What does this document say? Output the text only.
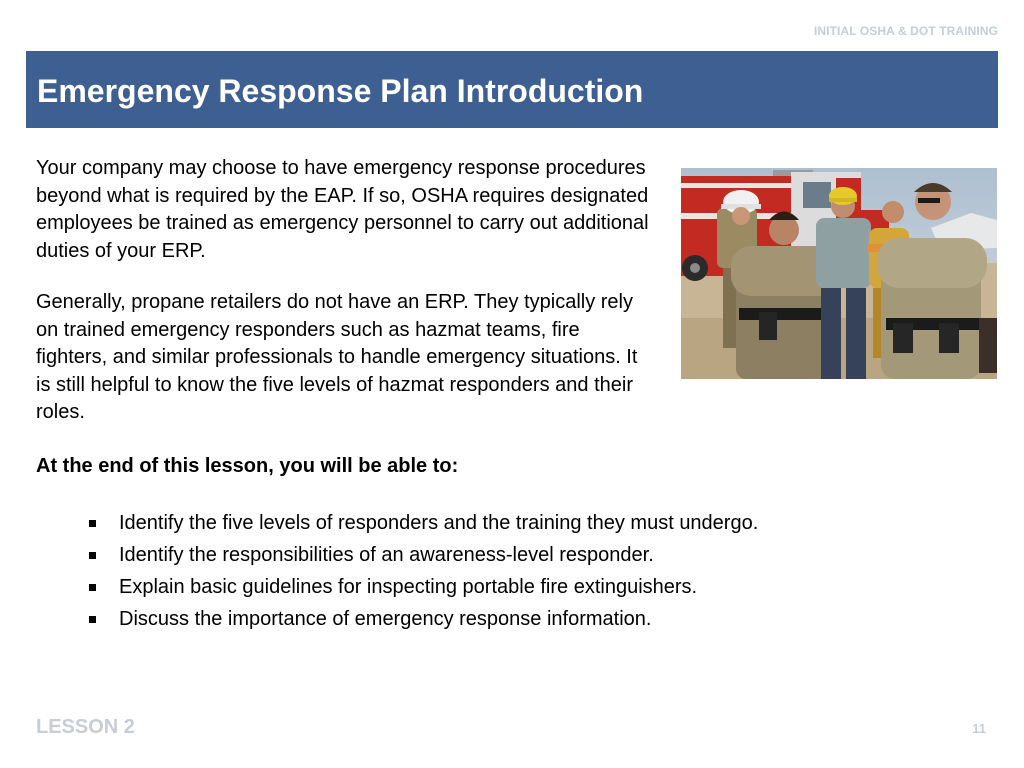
INITIAL OSHA & DOT TRAINING
Emergency Response Plan Introduction

Your company may choose to have emergency response procedures beyond what is required by the EAP. If so, OSHA requires designated employees be trained as emergency personnel to carry out additional duties of your ERP.

Generally, propane retailers do not have an ERP. They typically rely on trained emergency responders such as hazmat teams, fire fighters, and similar professionals to handle emergency situations. It is still helpful to know the five levels of hazmat responders and their roles.

At the end of this lesson, you will be able to:

Identify the five levels of responders and the training they must undergo.
Identify the responsibilities of an awareness-level responder.
Explain basic guidelines for inspecting portable fire extinguishers.
Discuss the importance of emergency response information.
LESSON 2	11
